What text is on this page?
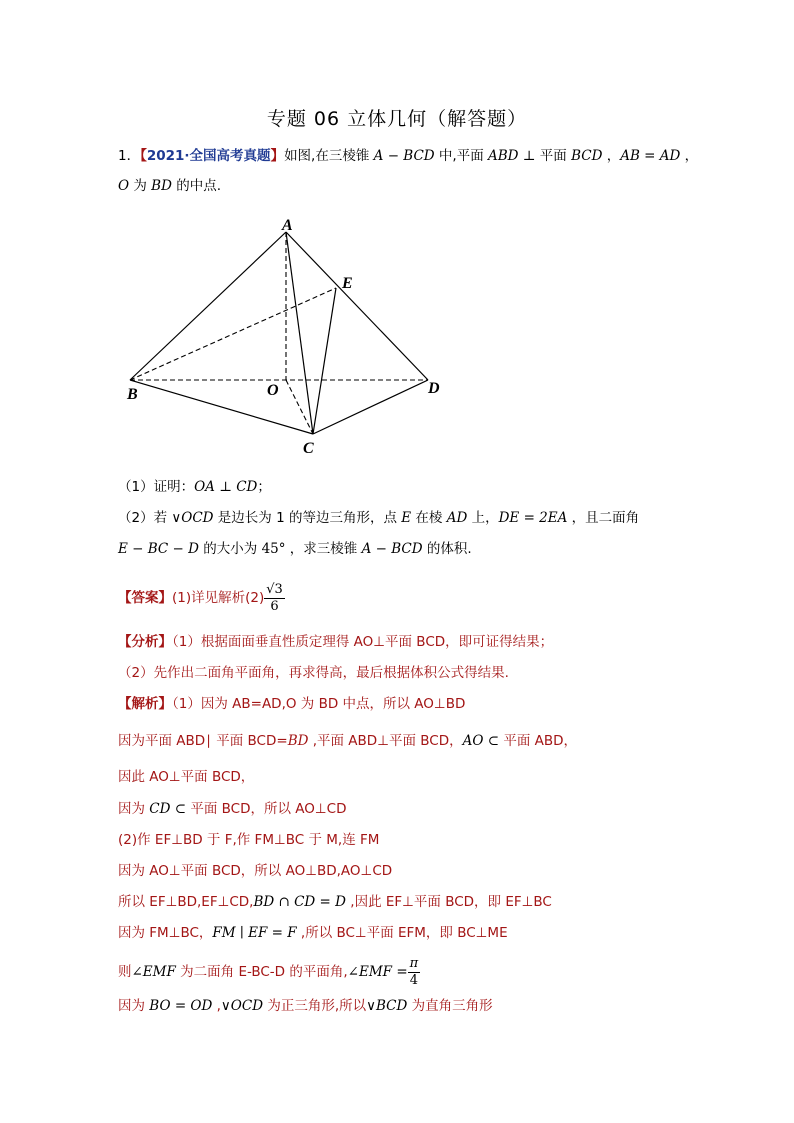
专题 06 立体几何（解答题）
1．【2021·全国高考真题】如图,在三棱锥 A − BCD 中,平面 ABD ⊥ 平面 BCD ，AB = AD ，
O 为 BD 的中点.
A
E
B	O	D
C
（1）证明：OA ⊥ CD；
（2）若 ∨OCD 是边长为 1 的等边三角形，点 E 在棱 AD 上，DE = 2EA ，且二面角
E − BC − D 的大小为 45° ，求三棱锥 A − BCD 的体积.
【答案】(1)详见解析$(2) \frac{√3}{6}$
【分析】（1）根据面面垂直性质定理得 AO⊥平面 BCD，即可证得结果；
（2）先作出二面角平面角，再求得高，最后根据体积公式得结果.
【解析】（1）因为 AB=AD,O 为 BD 中点，所以 AO⊥BD
因为平面 ABD∣ 平面 BCD=BD ,平面 ABD⊥平面 BCD，AO ⊂ 平面 ABD，
因此 AO⊥平面 BCD，
因为 CD ⊂ 平面 BCD，所以 AO⊥CD
(2)作 EF⊥BD 于 F,作 FM⊥BC 于 M,连 FM
因为 AO⊥平面 BCD，所以 AO⊥BD,AO⊥CD
所以 EF⊥BD,EF⊥CD,BD ∩ CD = D ,因此 EF⊥平面 BCD，即 EF⊥BC
因为 FM⊥BC，FM ∣ EF = F ,所以 BC⊥平面 EFM，即 BC⊥ME
则∠EMF 为二面角 E-BC-D 的平面角,∠EMF = $\frac{\pi}{4}$
因为 BO = OD ,∨OCD 为正三角形,所以∨BCD 为直角三角形
